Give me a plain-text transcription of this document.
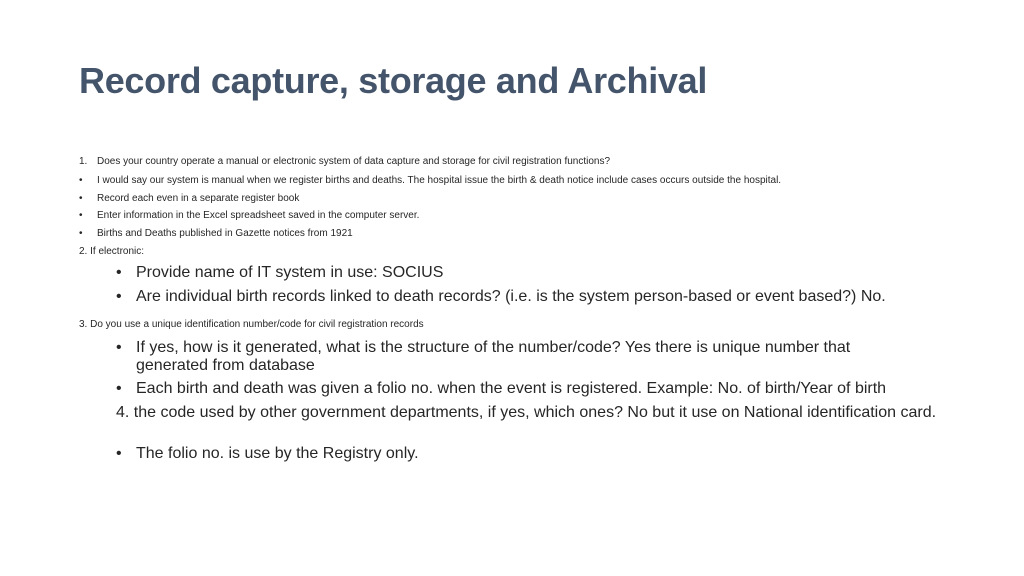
Record capture, storage and Archival
1. Does your country operate a manual or electronic system of data capture and storage for civil registration functions?
• I would say our system is manual when we register births and deaths. The hospital issue the birth & death notice include cases occurs outside the hospital.
• Record each even in a separate register book
• Enter information in the Excel spreadsheet saved in the computer server.
• Births and Deaths published in Gazette notices from 1921
2. If electronic:
• Provide name of IT system in use: SOCIUS
• Are individual birth records linked to death records? (i.e. is the system person-based or event based?) No.
3. Do you use a unique identification number/code for civil registration records
• If yes, how is it generated, what is the structure of the number/code? Yes there is unique number that generated from database
• Each birth and death was given a folio no. when the event is registered. Example: No. of birth/Year of birth
4. the code used by other government departments, if yes, which ones? No but it use on National identification card.
• The folio no. is use by the Registry only.
